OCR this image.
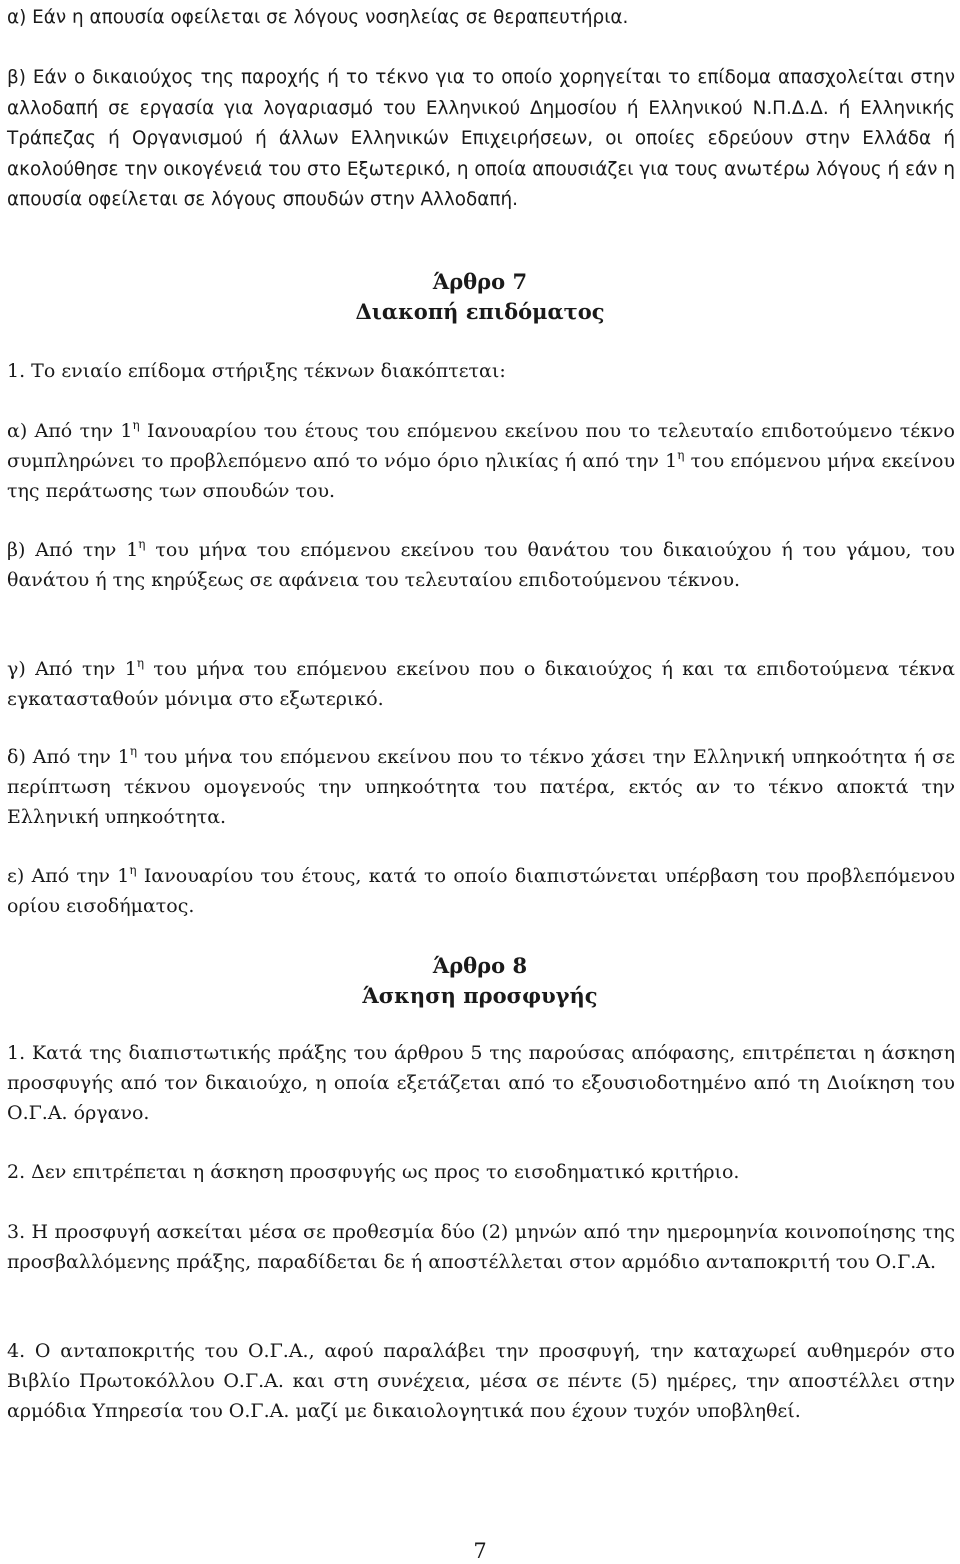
α) Εάν η απουσία οφείλεται σε λόγους νοσηλείας σε θεραπευτήρια.

β) Εάν ο δικαιούχος της παροχής ή το τέκνο για το οποίο χορηγείται το επίδομα απασχολείται στην αλλοδαπή σε εργασία για λογαριασμό του Ελληνικού Δημοσίου ή Ελληνικού Ν.Π.Δ.Δ. ή Ελληνικής Τράπεζας ή Οργανισμού ή άλλων Ελληνικών Επιχειρήσεων, οι οποίες εδρεύουν στην Ελλάδα ή ακολούθησε την οικογένειά του στο Εξωτερικό, η οποία απουσιάζει για τους ανωτέρω λόγους ή εάν η απουσία οφείλεται σε λόγους σπουδών στην Αλλοδαπή.

Άρθρο 7

Διακοπή επιδόματος

1. Το ενιαίο επίδομα στήριξης τέκνων διακόπτεται:

α) Από την $1^\eta$ Ιανουαρίου του έτους του επόμενου εκείνου που το τελευταίο επιδοτούμενο τέκνο συμπληρώνει το προβλεπόμενο από το νόμο όριο ηλικίας ή από την $1^\eta$ του επόμενου μήνα εκείνου της περάτωσης των σπουδών του.

β) Από την $1^\eta$ του μήνα του επόμενου εκείνου του θανάτου του δικαιούχου ή του γάμου, του θανάτου ή της κηρύξεως σε αφάνεια του τελευταίου επιδοτούμενου τέκνου.

γ) Από την $1^\eta$ του μήνα του επόμενου εκείνου που ο δικαιούχος ή και τα επιδοτούμενα τέκνα εγκατασταθούν μόνιμα στο εξωτερικό.

δ) Από την $1^\eta$ του μήνα του επόμενου εκείνου που το τέκνο χάσει την Ελληνική υπηκοότητα ή σε περίπτωση τέκνου ομογενούς την υπηκοότητα του πατέρα, εκτός αν το τέκνο αποκτά την Ελληνική υπηκοότητα.

ε) Από την $1^\eta$ Ιανουαρίου του έτους, κατά το οποίο διαπιστώνεται υπέρβαση του προβλεπόμενου ορίου εισοδήματος.

Άρθρο 8

Άσκηση προσφυγής

1. Κατά της διαπιστωτικής πράξης του άρθρου 5 της παρούσας απόφασης, επιτρέπεται η άσκηση προσφυγής από τον δικαιούχο, η οποία εξετάζεται από το εξουσιοδοτημένο από τη Διοίκηση του Ο.Γ.Α. όργανο.

2. Δεν επιτρέπεται η άσκηση προσφυγής ως προς το εισοδηματικό κριτήριο.

3. Η προσφυγή ασκείται μέσα σε προθεσμία δύο (2) μηνών από την ημερομηνία κοινοποίησης της προσβαλλόμενης πράξης, παραδίδεται δε ή αποστέλλεται στον αρμόδιο ανταποκριτή του Ο.Γ.Α.

4. Ο ανταποκριτής του Ο.Γ.Α., αφού παραλάβει την προσφυγή, την καταχωρεί αυθημερόν στο Βιβλίο Πρωτοκόλλου Ο.Γ.Α. και στη συνέχεια, μέσα σε πέντε (5) ημέρες, την αποστέλλει στην αρμόδια Υπηρεσία του Ο.Γ.Α. μαζί με δικαιολογητικά που έχουν τυχόν υποβληθεί.

7
